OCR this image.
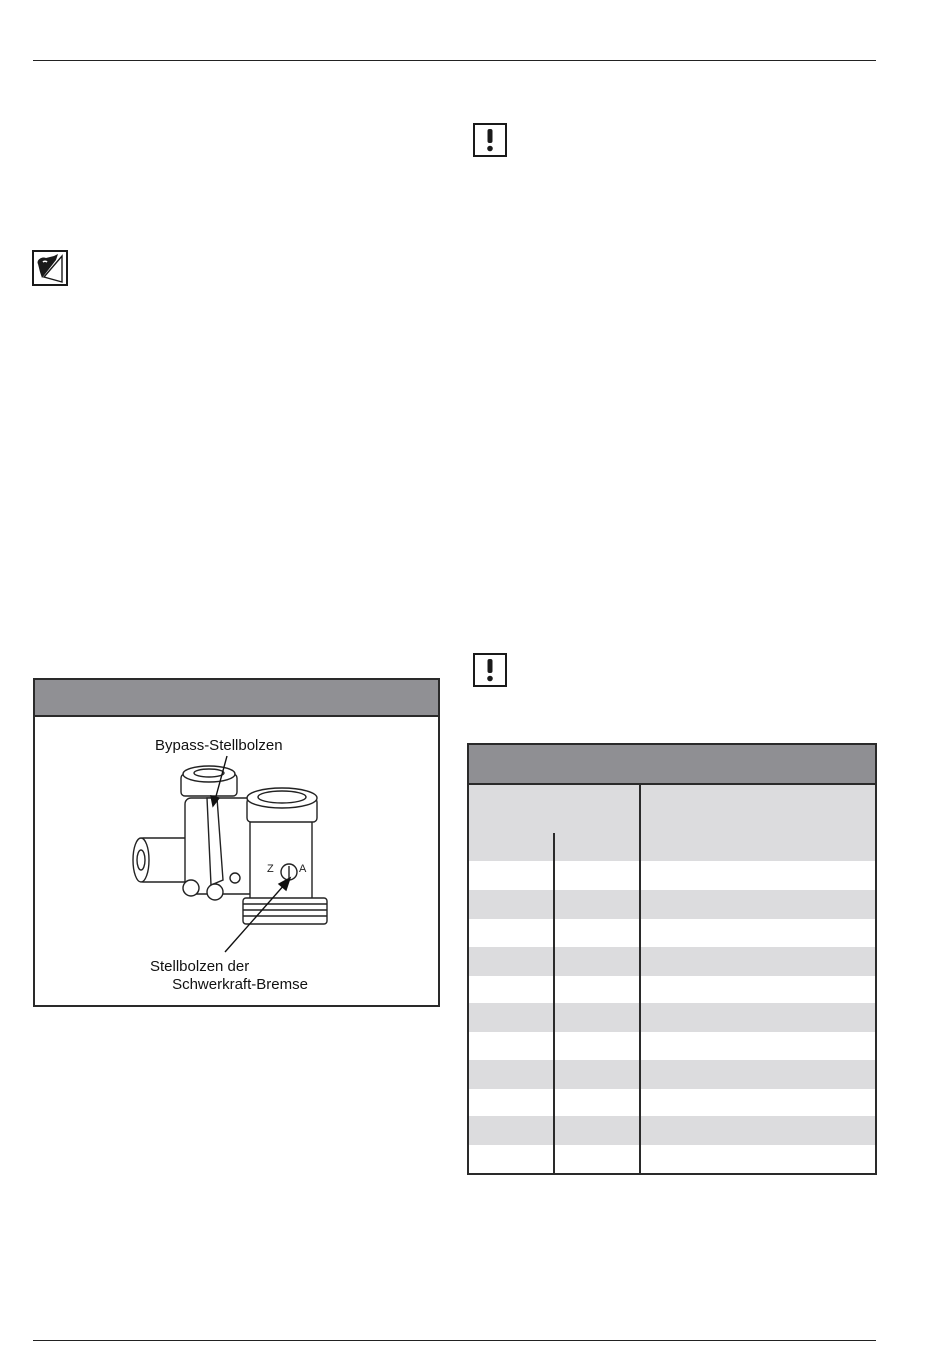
Bypass-Stellbolzen
Stellbolzen der
Schwerkraft-Bremse
Z A
